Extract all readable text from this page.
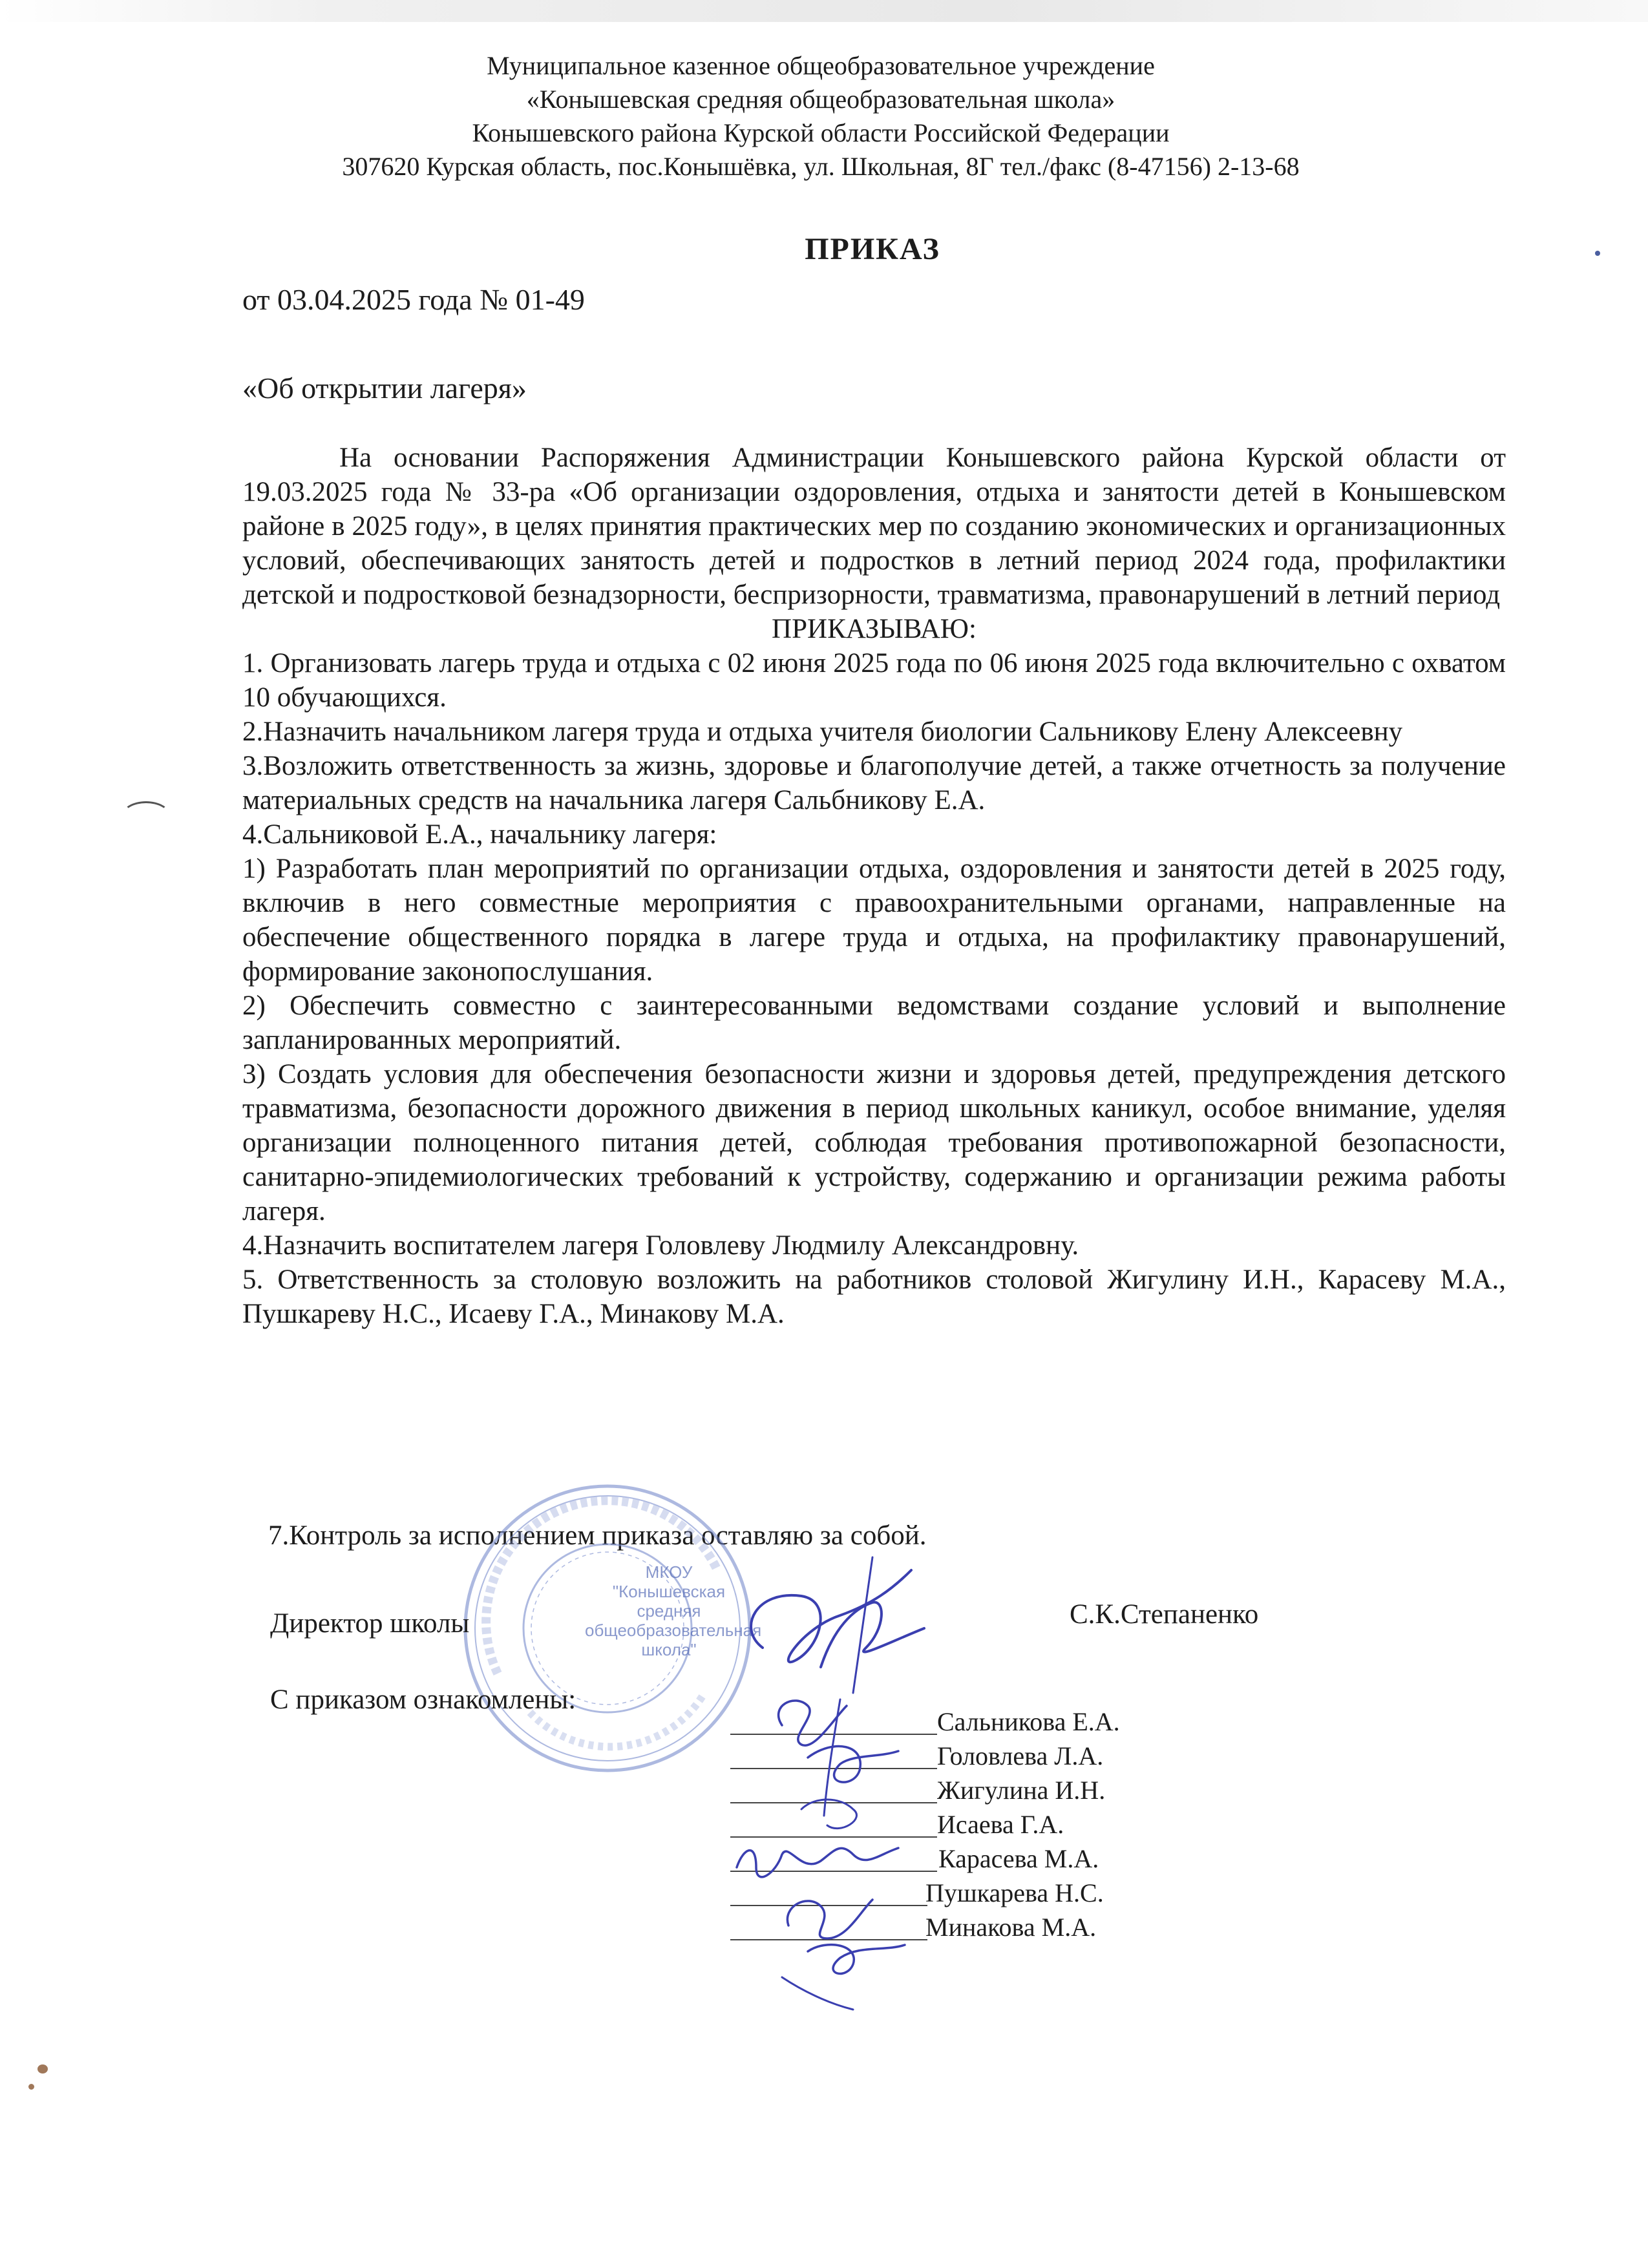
Муниципальное казенное общеобразовательное учреждение
«Конышевская средняя общеобразовательная школа»
Конышевского района Курской области Российской Федерации
307620 Курская область, пос.Конышёвка, ул. Школьная, 8Г тел./факс (8-47156) 2-13-68
ПРИКАЗ
от 03.04.2025 года № 01-49
«Об открытии лагеря»

На основании Распоряжения Администрации Конышевского района Курской области от 19.03.2025 года № 33-ра «Об организации оздоровления, отдыха и занятости детей в Конышевском районе в 2025 году», в целях принятия практических мер по созданию экономических и организационных условий, обеспечивающих занятость детей и подростков в летний период 2024 года, профилактики детской и подростковой безнадзорности, беспризорности, травматизма, правонарушений в летний период

ПРИКАЗЫВАЮ:

1. Организовать лагерь труда и отдыха с 02 июня 2025 года по 06 июня 2025 года включительно с охватом 10 обучающихся.

2.Назначить начальником лагеря труда и отдыха учителя биологии Сальникову Елену Алексеевну

3.Возложить ответственность за жизнь, здоровье и благополучие детей, а также отчетность за получение материальных средств на начальника лагеря Сальбникову Е.А.

4.Сальниковой Е.А., начальнику лагеря:

1) Разработать план мероприятий по организации отдыха, оздоровления и занятости детей в 2025 году, включив в него совместные мероприятия с правоохранительными органами, направленные на обеспечение общественного порядка в лагере труда и отдыха, на профилактику правонарушений, формирование законопослушания.

2) Обеспечить совместно с заинтересованными ведомствами создание условий и выполнение запланированных мероприятий.

3) Создать условия для обеспечения безопасности жизни и здоровья детей, предупреждения детского травматизма, безопасности дорожного движения в период школьных каникул, особое внимание, уделяя организации полноценного питания детей, соблюдая требования противопожарной безопасности, санитарно-эпидемиологических требований к устройству, содержанию и организации режима работы лагеря.

4.Назначить воспитателем лагеря Головлеву Людмилу Александровну.

5. Ответственность за столовую возложить на работников столовой Жигулину И.Н., Карасеву М.А., Пушкареву Н.С., Исаеву Г.А., Минакову М.А.

7.Контроль за исполнением приказа оставляю за собой.
МКОУ
"Конышевская
средняя
общеобразовательная
школа"
Директор школы	С.К.Степаненко
С приказом ознакомлены:
Сальникова Е.А.
Головлева Л.А.
Жигулина И.Н.
Исаева Г.А.
Карасева М.А.
Пушкарева Н.С.
Минакова М.А.
